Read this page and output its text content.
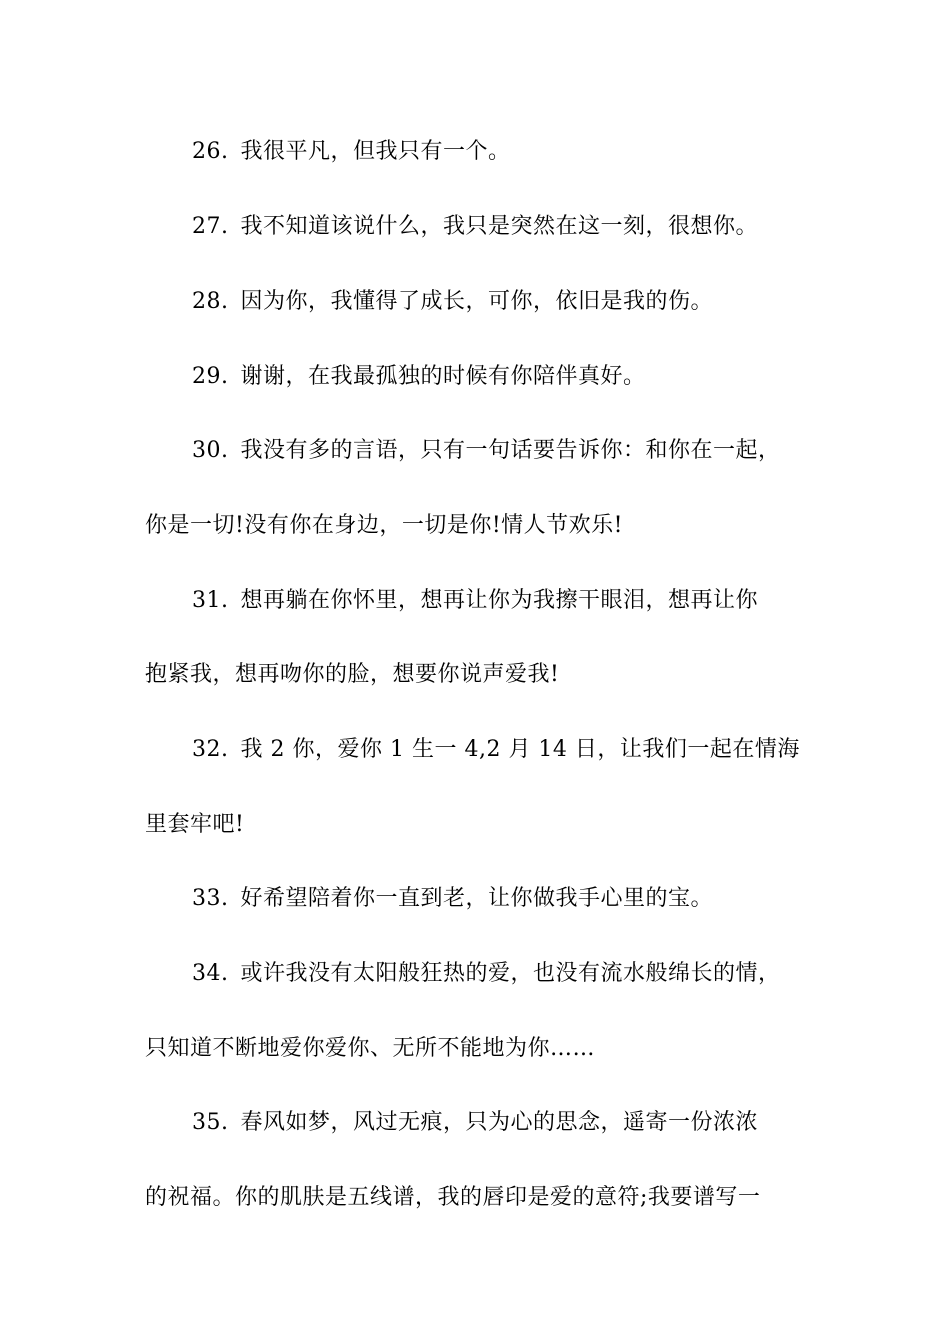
26. 我很平凡，但我只有一个。
27. 我不知道该说什么，我只是突然在这一刻，很想你。
28. 因为你，我懂得了成长，可你，依旧是我的伤。
29. 谢谢，在我最孤独的时候有你陪伴真好。
30. 我没有多的言语，只有一句话要告诉你：和你在一起，
你是一切!没有你在身边，一切是你!情人节欢乐!
31. 想再躺在你怀里，想再让你为我擦干眼泪，想再让你
抱紧我，想再吻你的脸，想要你说声爱我!
32. 我 2 你，爱你 1 生一 4,2 月 14 日，让我们一起在情海
里套牢吧!
33. 好希望陪着你一直到老，让你做我手心里的宝。
34. 或许我没有太阳般狂热的爱，也没有流水般绵长的情，
只知道不断地爱你爱你、无所不能地为你……
35. 春风如梦，风过无痕，只为心的思念，遥寄一份浓浓
的祝福。你的肌肤是五线谱，我的唇印是爱的意符;我要谱写一
